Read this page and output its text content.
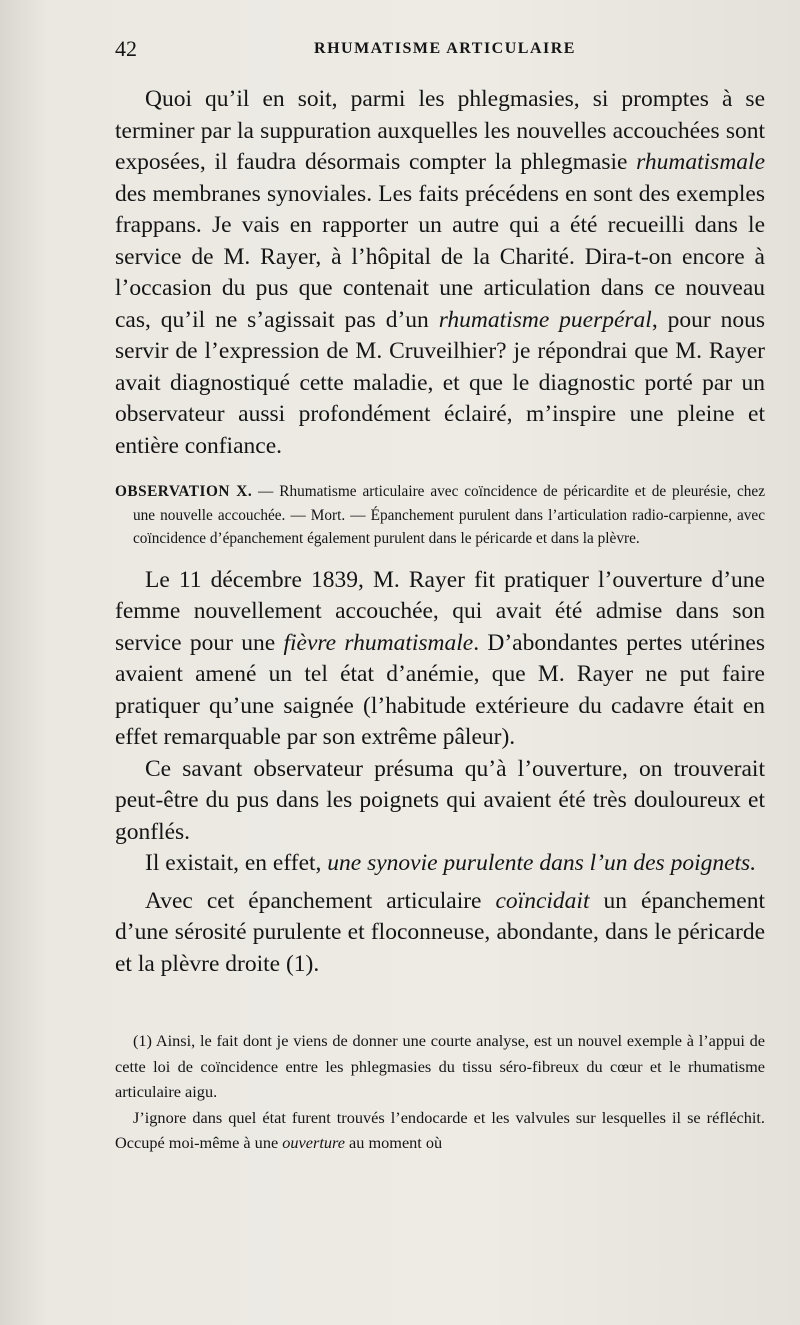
42	RHUMATISME ARTICULAIRE

Quoi qu’il en soit, parmi les phlegmasies, si promptes à se terminer par la suppuration auxquelles les nouvelles accouchées sont exposées, il faudra désormais compter la phlegmasie rhumatismale des membranes synoviales. Les faits précédens en sont des exemples frappans. Je vais en rapporter un autre qui a été recueilli dans le service de M. Rayer, à l’hôpital de la Charité. Dira-t-on encore à l’occasion du pus que contenait une articulation dans ce nouveau cas, qu’il ne s’agissait pas d’un rhumatisme puerpéral, pour nous servir de l’expression de M. Cruveilhier? je répondrai que M. Rayer avait diagnostiqué cette maladie, et que le diagnostic porté par un observateur aussi profondément éclairé, m’inspire une pleine et entière confiance.

OBSERVATION X. — Rhumatisme articulaire avec coïncidence de péricardite et de pleurésie, chez une nouvelle accouchée. — Mort. — Épanchement purulent dans l’articulation radio-carpienne, avec coïncidence d’épanchement également purulent dans le péricarde et dans la plèvre.

Le 11 décembre 1839, M. Rayer fit pratiquer l’ouverture d’une femme nouvellement accouchée, qui avait été admise dans son service pour une fièvre rhumatismale. D’abondantes pertes utérines avaient amené un tel état d’anémie, que M. Rayer ne put faire pratiquer qu’une saignée (l’habitude extérieure du cadavre était en effet remarquable par son extrême pâleur).

Ce savant observateur présuma qu’à l’ouverture, on trouverait peut-être du pus dans les poignets qui avaient été très douloureux et gonflés.

Il existait, en effet, une synovie purulente dans l’un des poignets.

Avec cet épanchement articulaire coïncidait un épanchement d’une sérosité purulente et floconneuse, abondante, dans le péricarde et la plèvre droite (1).

(1) Ainsi, le fait dont je viens de donner une courte analyse, est un nouvel exemple à l’appui de cette loi de coïncidence entre les phlegmasies du tissu séro-fibreux du cœur et le rhumatisme articulaire aigu.

J’ignore dans quel état furent trouvés l’endocarde et les valvules sur lesquelles il se réfléchit. Occupé moi-même à une ouverture au moment où
